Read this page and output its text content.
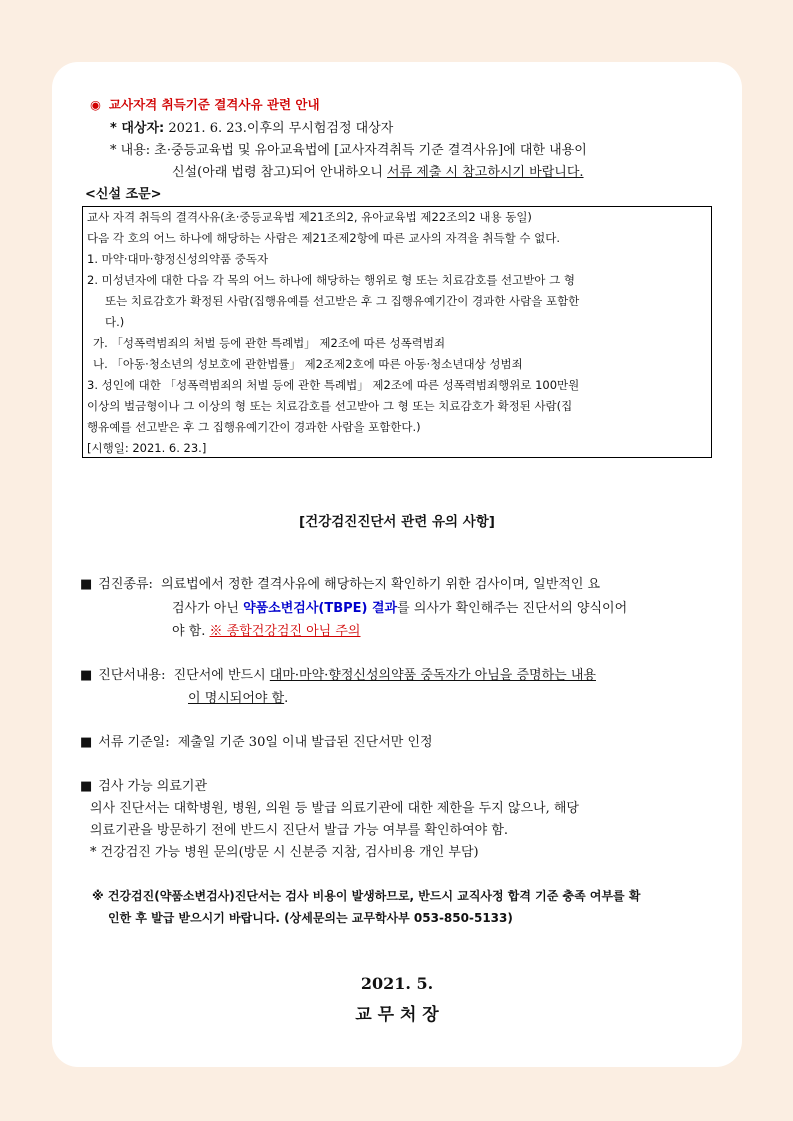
◉ 교사자격 취득기준 결격사유 관련 안내
* 대상자: 2021. 6. 23.이후의 무시험검정 대상자
* 내용: 초·중등교육법 및 유아교육법에 [교사자격취득 기준 결격사유]에 대한 내용이
신설(아래 법령 참고)되어 안내하오니 서류 제출 시 참고하시기 바랍니다.
<신설 조문>
교사 자격 취득의 결격사유(초·중등교육법 제21조의2, 유아교육법 제22조의2 내용 동일)
다음 각 호의 어느 하나에 해당하는 사람은 제21조제2항에 따른 교사의 자격을 취득할 수 없다.
1. 마약·대마·향정신성의약품 중독자
2. 미성년자에 대한 다음 각 목의 어느 하나에 해당하는 행위로 형 또는 치료감호를 선고받아 그 형
또는 치료감호가 확정된 사람(집행유예를 선고받은 후 그 집행유예기간이 경과한 사람을 포함한
다.)
가. 「성폭력범죄의 처벌 등에 관한 특례법」 제2조에 따른 성폭력범죄
나. 「아동·청소년의 성보호에 관한법률」 제2조제2호에 따른 아동·청소년대상 성범죄
3. 성인에 대한 「성폭력범죄의 처벌 등에 관한 특례법」 제2조에 따른 성폭력범죄행위로 100만원
이상의 벌금형이나 그 이상의 형 또는 치료감호를 선고받아 그 형 또는 치료감호가 확정된 사람(집
행유예를 선고받은 후 그 집행유예기간이 경과한 사람을 포함한다.)
[시행일: 2021. 6. 23.]
[건강검진진단서 관련 유의 사항]
■ 검진종류: 의료법에서 정한 결격사유에 해당하는지 확인하기 위한 검사이며, 일반적인 요
검사가 아닌 약품소변검사(TBPE) 결과를 의사가 확인해주는 진단서의 양식이어
야 함. ※ 종합건강검진 아님 주의
■ 진단서내용: 진단서에 반드시 대마·마약·향정신성의약품 중독자가 아님을 증명하는 내용
이 명시되어야 함.
■ 서류 기준일: 제출일 기준 30일 이내 발급된 진단서만 인정
■ 검사 가능 의료기관
의사 진단서는 대학병원, 병원, 의원 등 발급 의료기관에 대한 제한을 두지 않으나, 해당
의료기관을 방문하기 전에 반드시 진단서 발급 가능 여부를 확인하여야 함.
* 건강검진 가능 병원 문의(방문 시 신분증 지참, 검사비용 개인 부담)
※ 건강검진(약품소변검사)진단서는 검사 비용이 발생하므로, 반드시 교직사정 합격 기준 충족 여부를 확
인한 후 발급 받으시기 바랍니다. (상세문의는 교무학사부 053-850-5133)
2021. 5.
교 무 처 장
